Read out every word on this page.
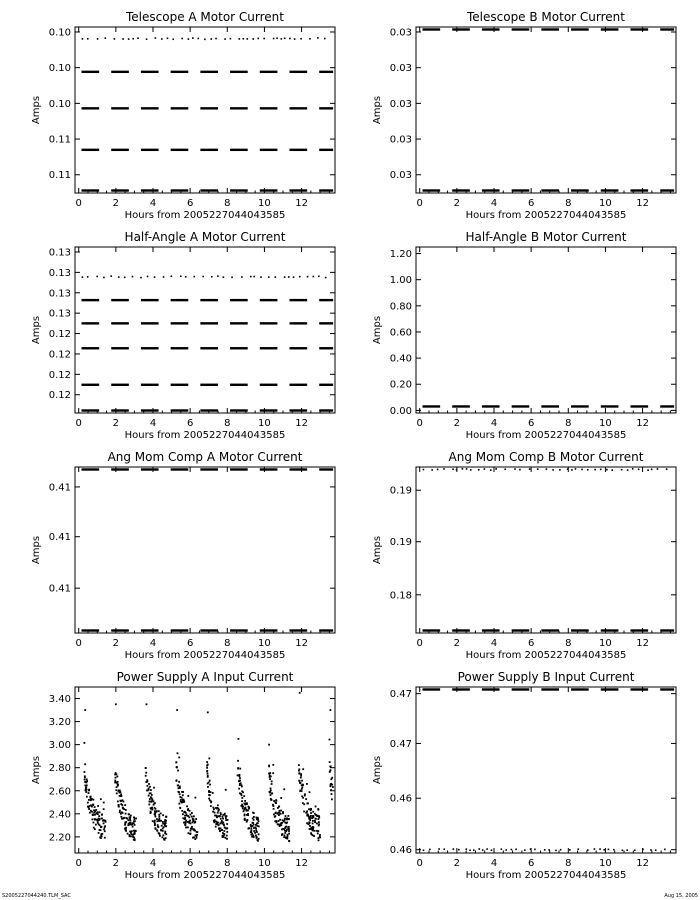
Telescope A Motor Current
Hours from 2005227044043585
Amps
0	2	4	6	8	10 12
0.11
0.11
0.10
0.10
0.10
Telescope B Motor Current
Hours from 2005227044043585
Amps
0	2	4	6	8	10 12
0.03
0.03
0.03
0.03
0.03
Half-Angle A Motor Current
Hours from 2005227044043585
Amps
0	2	4	6	8	10 12
0.12
0.12
0.12
0.12
0.13
0.13
0.13
0.13
Half-Angle B Motor Current
Hours from 2005227044043585
Amps
0	2	4	6	8	10 12
0.00
0.20
0.40
0.60
0.80
1.00
1.20
Ang Mom Comp A Motor Current
Hours from 2005227044043585
Amps
0	2	4	6	8	10 12
0.41
0.41
0.41
Ang Mom Comp B Motor Current
Hours from 2005227044043585
Amps
0	2	4	6	8	10 12
0.18
0.19
0.19
Power Supply A Input Current
Hours from 2005227044043585
Amps
0	2	4	6	8	10 12
2.20
2.40
2.60
2.80
3.00
3.20
3.40
Power Supply B Input Current
Hours from 2005227044043585
Amps
0	2	4	6	8	10 12
0.46
0.46
0.47
0.47
S2005227044240.TLM_SAC	Aug 15, 2005
